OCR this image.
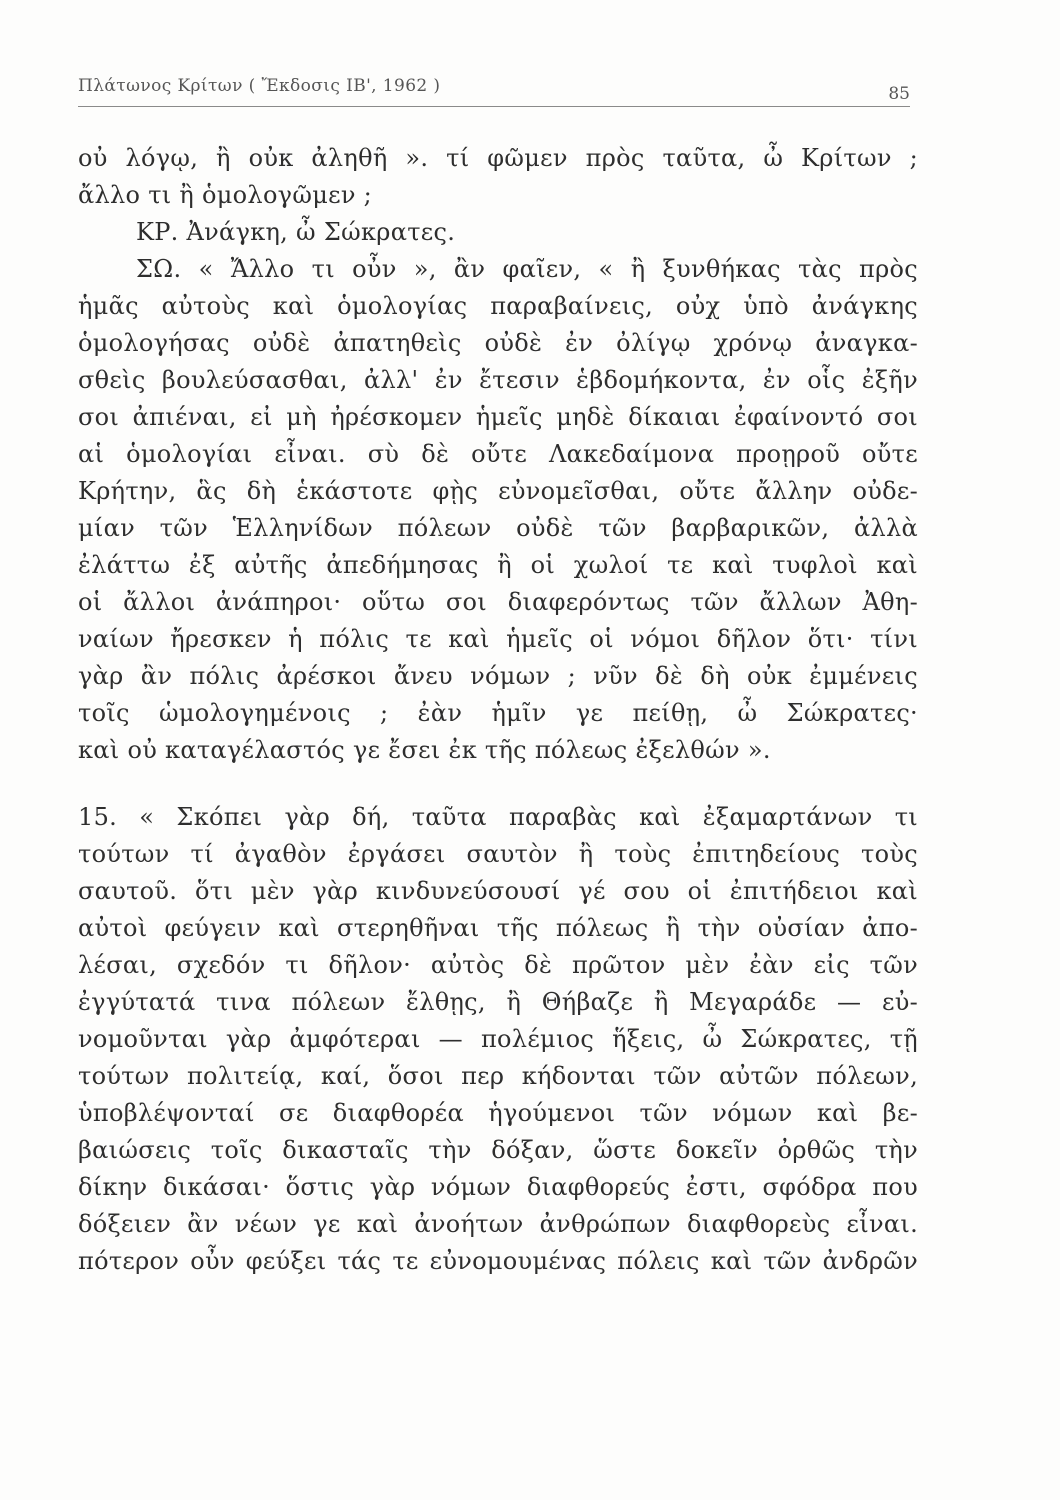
Πλάτωνος Κρίτων ( Ἔκδοσις ΙΒ', 1962 )	85
οὐ λόγῳ, ἢ οὐκ ἀληθῆ ». τί φῶμεν πρὸς ταῦτα, ὦ Κρίτων ;
ἄλλο τι ἢ ὁμολογῶμεν ;
ΚΡ. Ἀνάγκη, ὦ Σώκρατες.
ΣΩ. « Ἄλλο τι οὖν », ἂν φαῖεν, « ἢ ξυνθήκας τὰς πρὸς
ἡμᾶς αὐτοὺς καὶ ὁμολογίας παραβαίνεις, οὐχ ὑπὸ ἀνάγκης
ὁμολογήσας οὐδὲ ἀπατηθεὶς οὐδὲ ἐν ὀλίγῳ χρόνῳ ἀναγκα-
σθεὶς βουλεύσασθαι, ἀλλ' ἐν ἔτεσιν ἑβδομήκοντα, ἐν οἷς ἐξῆν
σοι ἀπιέναι, εἰ μὴ ἠρέσκομεν ἡμεῖς μηδὲ δίκαιαι ἐφαίνοντό σοι
αἱ ὁμολογίαι εἶναι. σὺ δὲ οὔτε Λακεδαίμονα προῃροῦ οὔτε
Κρήτην, ἃς δὴ ἑκάστοτε φῂς εὐνομεῖσθαι, οὔτε ἄλλην οὐδε-
μίαν τῶν Ἑλληνίδων πόλεων οὐδὲ τῶν βαρβαρικῶν, ἀλλὰ
ἐλάττω ἐξ αὐτῆς ἀπεδήμησας ἢ οἱ χωλοί τε καὶ τυφλοὶ καὶ
οἱ ἄλλοι ἀνάπηροι· οὕτω σοι διαφερόντως τῶν ἄλλων Ἀθη-
ναίων ἤρεσκεν ἡ πόλις τε καὶ ἡμεῖς οἱ νόμοι δῆλον ὅτι· τίνι
γὰρ ἂν πόλις ἀρέσκοι ἄνευ νόμων ; νῦν δὲ δὴ οὐκ ἐμμένεις
τοῖς ὡμολογημένοις ; ἐὰν ἡμῖν γε πείθῃ, ὦ Σώκρατες·
καὶ οὐ καταγέλαστός γε ἔσει ἐκ τῆς πόλεως ἐξελθών ».
15. « Σκόπει γὰρ δή, ταῦτα παραβὰς καὶ ἐξαμαρτάνων τι
τούτων τί ἀγαθὸν ἐργάσει σαυτὸν ἢ τοὺς ἐπιτηδείους τοὺς
σαυτοῦ. ὅτι μὲν γὰρ κινδυνεύσουσί γέ σου οἱ ἐπιτήδειοι καὶ
αὐτοὶ φεύγειν καὶ στερηθῆναι τῆς πόλεως ἢ τὴν οὐσίαν ἀπο-
λέσαι, σχεδόν τι δῆλον· αὐτὸς δὲ πρῶτον μὲν ἐὰν εἰς τῶν
ἐγγύτατά τινα πόλεων ἔλθῃς, ἢ Θήβαζε ἢ Μεγαράδε — εὐ-
νομοῦνται γὰρ ἀμφότεραι — πολέμιος ἥξεις, ὦ Σώκρατες, τῇ
τούτων πολιτείᾳ, καί, ὅσοι περ κήδονται τῶν αὐτῶν πόλεων,
ὑποβλέψονταί σε διαφθορέα ἡγούμενοι τῶν νόμων καὶ βε-
βαιώσεις τοῖς δικασταῖς τὴν δόξαν, ὥστε δοκεῖν ὀρθῶς τὴν
δίκην δικάσαι· ὅστις γὰρ νόμων διαφθορεύς ἐστι, σφόδρα που
δόξειεν ἂν νέων γε καὶ ἀνοήτων ἀνθρώπων διαφθορεὺς εἶναι.
πότερον οὖν φεύξει τάς τε εὐνομουμένας πόλεις καὶ τῶν ἀνδρῶν
